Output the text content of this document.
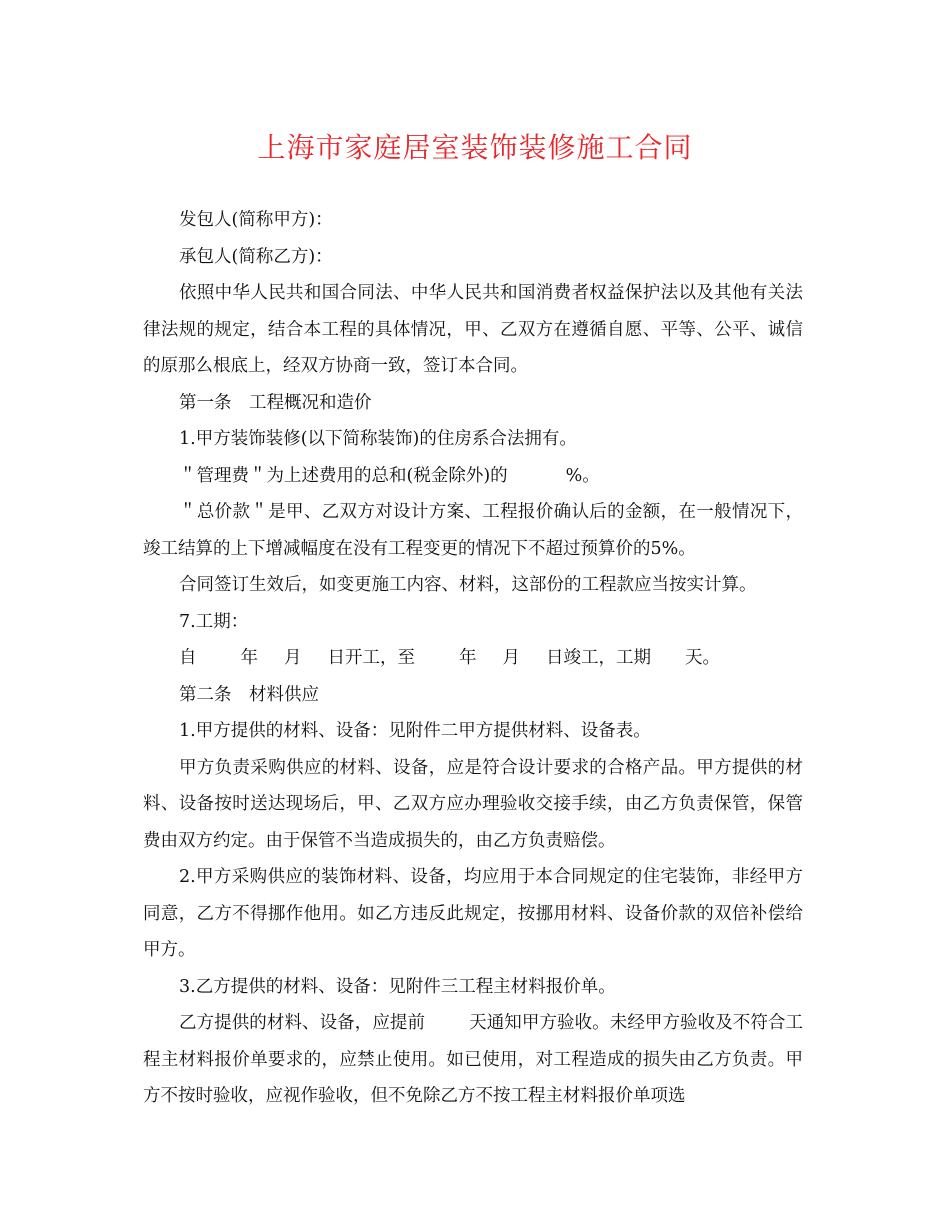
上海市家庭居室装饰装修施工合同

发包人(简称甲方)：

承包人(简称乙方)：

依照中华人民共和国合同法、中华人民共和国消费者权益保护法以及其他有关法律法规的规定，结合本工程的具体情况，甲、乙双方在遵循自愿、平等、公平、诚信的原那么根底上，经双方协商一致，签订本合同。

第一条　工程概况和造价

1.甲方装饰装修(以下简称装饰)的住房系合法拥有。

＂管理费＂为上述费用的总和(税金除外)的	%。

＂总价款＂是甲、乙双方对设计方案、工程报价确认后的金额，在一般情况下，竣工结算的上下增减幅度在没有工程变更的情况下不超过预算价的5%。

合同签订生效后，如变更施工内容、材料，这部份的工程款应当按实计算。

7.工期：

自	年 月 日开工，至	年 月 日竣工，工期 天。

第二条　材料供应

1.甲方提供的材料、设备：见附件二甲方提供材料、设备表。

甲方负责采购供应的材料、设备，应是符合设计要求的合格产品。甲方提供的材料、设备按时送达现场后，甲、乙双方应办理验收交接手续，由乙方负责保管，保管费由双方约定。由于保管不当造成损失的，由乙方负责赔偿。

2.甲方采购供应的装饰材料、设备，均应用于本合同规定的住宅装饰，非经甲方同意，乙方不得挪作他用。如乙方违反此规定，按挪用材料、设备价款的双倍补偿给甲方。

3.乙方提供的材料、设备：见附件三工程主材料报价单。

乙方提供的材料、设备，应提前	天通知甲方验收。未经甲方验收及不符合工程主材料报价单要求的，应禁止使用。如已使用，对工程造成的损失由乙方负责。甲方不按时验收，应视作验收，但不免除乙方不按工程主材料报价单项选
